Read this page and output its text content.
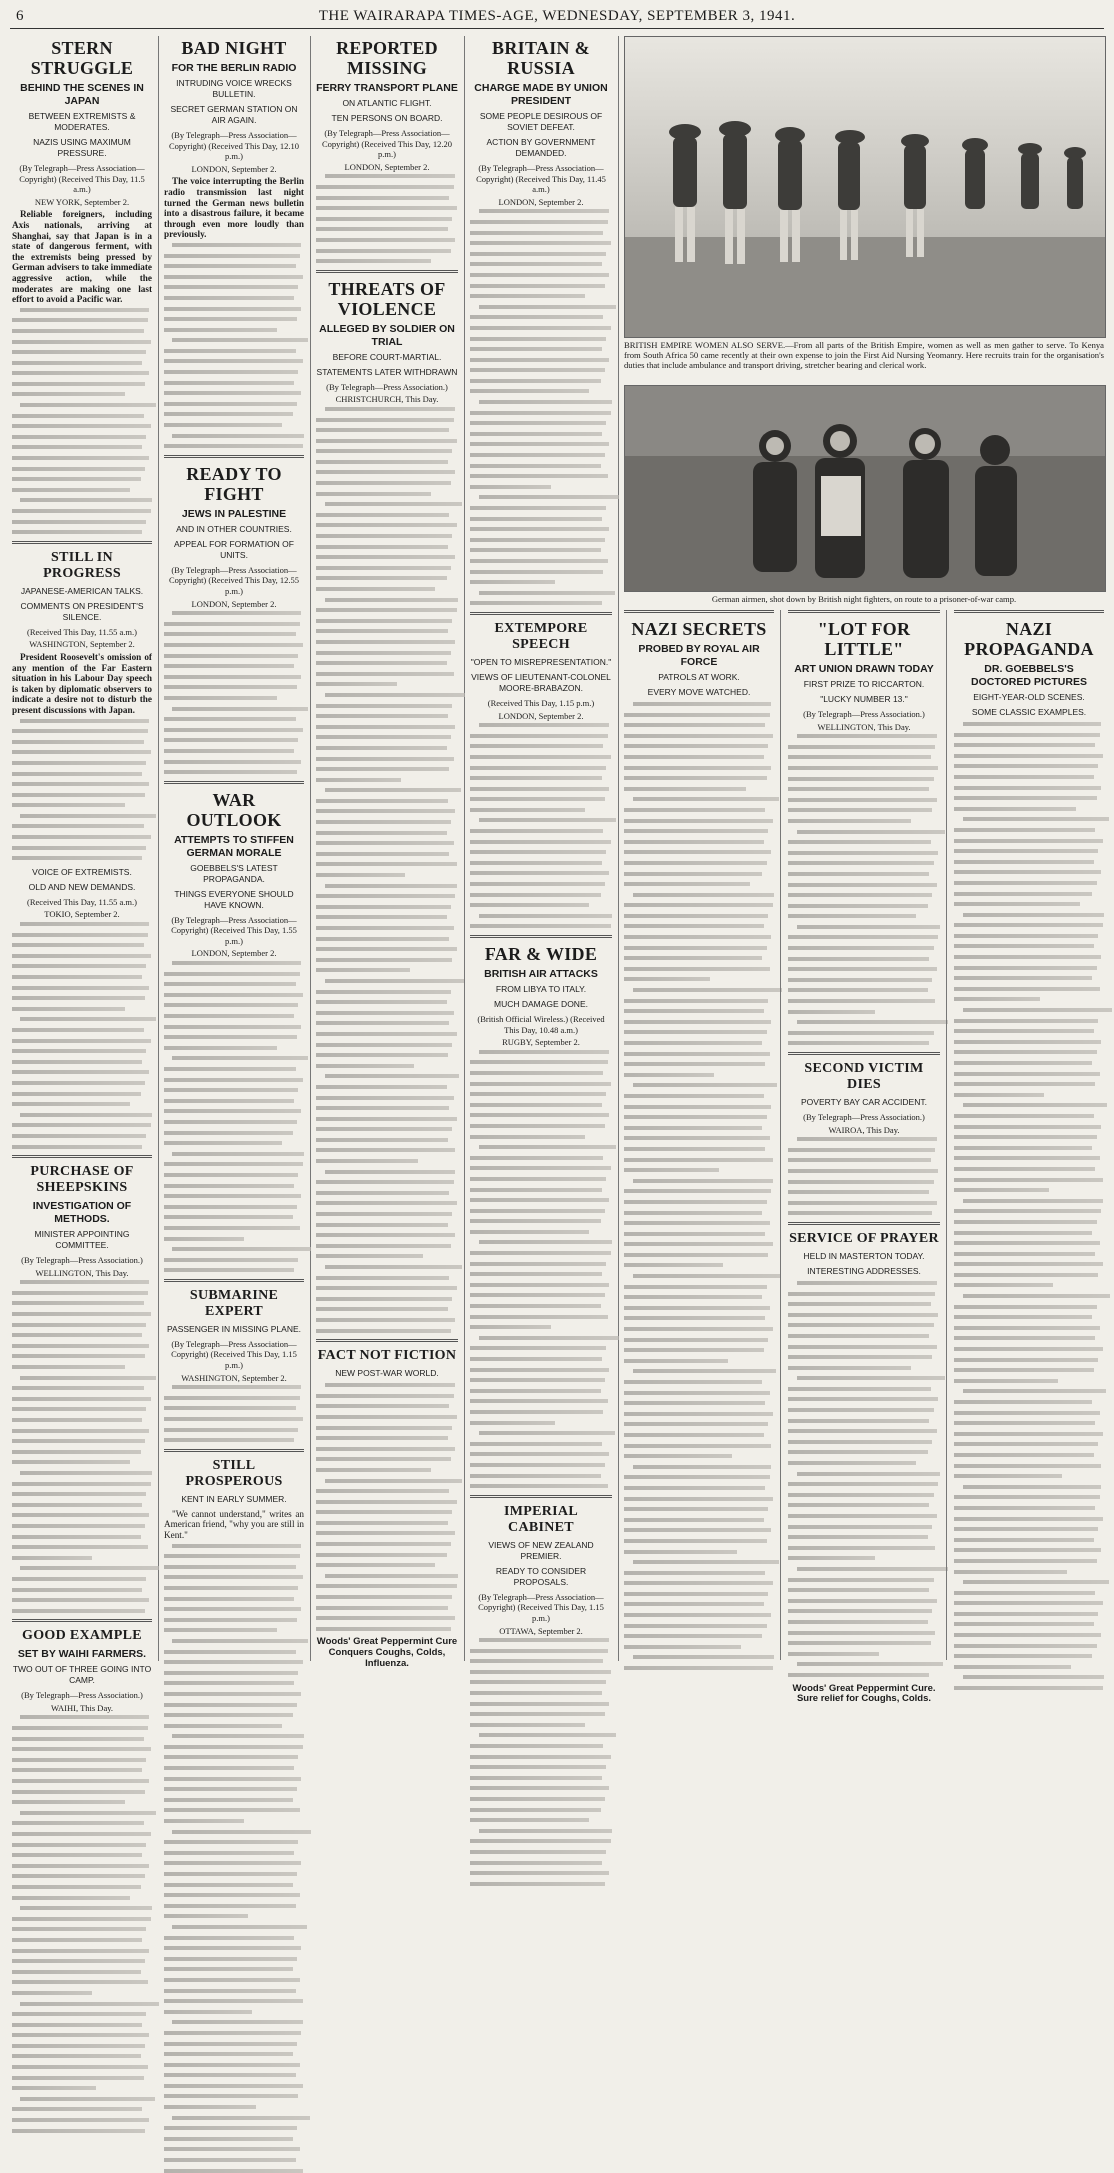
6	THE WAIRARAPA TIMES-AGE, WEDNESDAY, SEPTEMBER 3, 1941.
STERN STRUGGLE
BEHIND THE SCENES IN JAPAN
BETWEEN EXTREMISTS & MODERATES.
NAZIS USING MAXIMUM PRESSURE.
(By Telegraph—Press Association—Copyright) (Received This Day, 11.5 a.m.)
NEW YORK, September 2.
Reliable foreigners, including Axis nationals, arriving at Shanghai, say that Japan is in a state of dangerous ferment, with the extremists being pressed by German advisers to take immediate aggressive action, while the moderates are making one last effort to avoid a Pacific war.
STILL IN PROGRESS
JAPANESE-AMERICAN TALKS.
COMMENTS ON PRESIDENT'S SILENCE.
(Received This Day, 11.55 a.m.)
WASHINGTON, September 2.
President Roosevelt's omission of any mention of the Far Eastern situation in his Labour Day speech is taken by diplomatic observers to indicate a desire not to disturb the present discussions with Japan.
VOICE OF EXTREMISTS.
OLD AND NEW DEMANDS.
(Received This Day, 11.55 a.m.)
TOKIO, September 2.
PURCHASE OF SHEEPSKINS
INVESTIGATION OF METHODS.
MINISTER APPOINTING COMMITTEE.
(By Telegraph—Press Association.)
WELLINGTON, This Day.
GOOD EXAMPLE
SET BY WAIHI FARMERS.
TWO OUT OF THREE GOING INTO CAMP.
(By Telegraph—Press Association.)
WAIHI, This Day.
BAD NIGHT
FOR THE BERLIN RADIO
INTRUDING VOICE WRECKS BULLETIN.
SECRET GERMAN STATION ON AIR AGAIN.
(By Telegraph—Press Association—Copyright) (Received This Day, 12.10 p.m.)
LONDON, September 2.
The voice interrupting the Berlin radio transmission last night turned the German news bulletin into a disastrous failure, it became through even more loudly than previously.
READY TO FIGHT
JEWS IN PALESTINE
AND IN OTHER COUNTRIES.
APPEAL FOR FORMATION OF UNITS.
(By Telegraph—Press Association—Copyright) (Received This Day, 12.55 p.m.)
LONDON, September 2.
WAR OUTLOOK
ATTEMPTS TO STIFFEN GERMAN MORALE
GOEBBELS'S LATEST PROPAGANDA.
THINGS EVERYONE SHOULD HAVE KNOWN.
(By Telegraph—Press Association—Copyright) (Received This Day, 1.55 p.m.)
LONDON, September 2.
SUBMARINE EXPERT
PASSENGER IN MISSING PLANE.
(By Telegraph—Press Association—Copyright) (Received This Day, 1.15 p.m.)
WASHINGTON, September 2.
STILL PROSPEROUS
KENT IN EARLY SUMMER.
"We cannot understand," writes an American friend, "why you are still in Kent."
REPORTED MISSING
FERRY TRANSPORT PLANE
ON ATLANTIC FLIGHT.
TEN PERSONS ON BOARD.
(By Telegraph—Press Association—Copyright) (Received This Day, 12.20 p.m.)
LONDON, September 2.
THREATS OF VIOLENCE
ALLEGED BY SOLDIER ON TRIAL
BEFORE COURT-MARTIAL.
STATEMENTS LATER WITHDRAWN
(By Telegraph—Press Association.)
CHRISTCHURCH, This Day.
FACT NOT FICTION
NEW POST-WAR WORLD.
Woods' Great Peppermint Cure Conquers Coughs, Colds, Influenza.
BRITAIN & RUSSIA
CHARGE MADE BY UNION PRESIDENT
SOME PEOPLE DESIROUS OF SOVIET DEFEAT.
ACTION BY GOVERNMENT DEMANDED.
(By Telegraph—Press Association—Copyright) (Received This Day, 11.45 a.m.)
LONDON, September 2.
EXTEMPORE SPEECH
"OPEN TO MISREPRESENTATION."
VIEWS OF LIEUTENANT-COLONEL MOORE-BRABAZON.
(Received This Day, 1.15 p.m.)
LONDON, September 2.
FAR & WIDE
BRITISH AIR ATTACKS
FROM LIBYA TO ITALY.
MUCH DAMAGE DONE.
(British Official Wireless.) (Received This Day, 10.48 a.m.)
RUGBY, September 2.
IMPERIAL CABINET
VIEWS OF NEW ZEALAND PREMIER.
READY TO CONSIDER PROPOSALS.
(By Telegraph—Press Association—Copyright) (Received This Day, 1.15 p.m.)
OTTAWA, September 2.
BRITISH EMPIRE WOMEN ALSO SERVE.—From all parts of the British Empire, women as well as men gather to serve. To Kenya from South Africa 50 came recently at their own expense to join the First Aid Nursing Yeomanry. Here recruits train for the organisation's duties that include ambulance and transport driving, stretcher bearing and clerical work.
German airmen, shot down by British night fighters, on route to a prisoner-of-war camp.
NAZI SECRETS
PROBED BY ROYAL AIR FORCE
PATROLS AT WORK.
EVERY MOVE WATCHED.
"LOT FOR LITTLE"
ART UNION DRAWN TODAY
FIRST PRIZE TO RICCARTON.
"LUCKY NUMBER 13."
(By Telegraph—Press Association.)
WELLINGTON, This Day.
SECOND VICTIM DIES
POVERTY BAY CAR ACCIDENT.
(By Telegraph—Press Association.)
WAIROA, This Day.
SERVICE OF PRAYER
HELD IN MASTERTON TODAY.
INTERESTING ADDRESSES.
Woods' Great Peppermint Cure. Sure relief for Coughs, Colds.
NAZI PROPAGANDA
DR. GOEBBELS'S DOCTORED PICTURES
EIGHT-YEAR-OLD SCENES.
SOME CLASSIC EXAMPLES.
